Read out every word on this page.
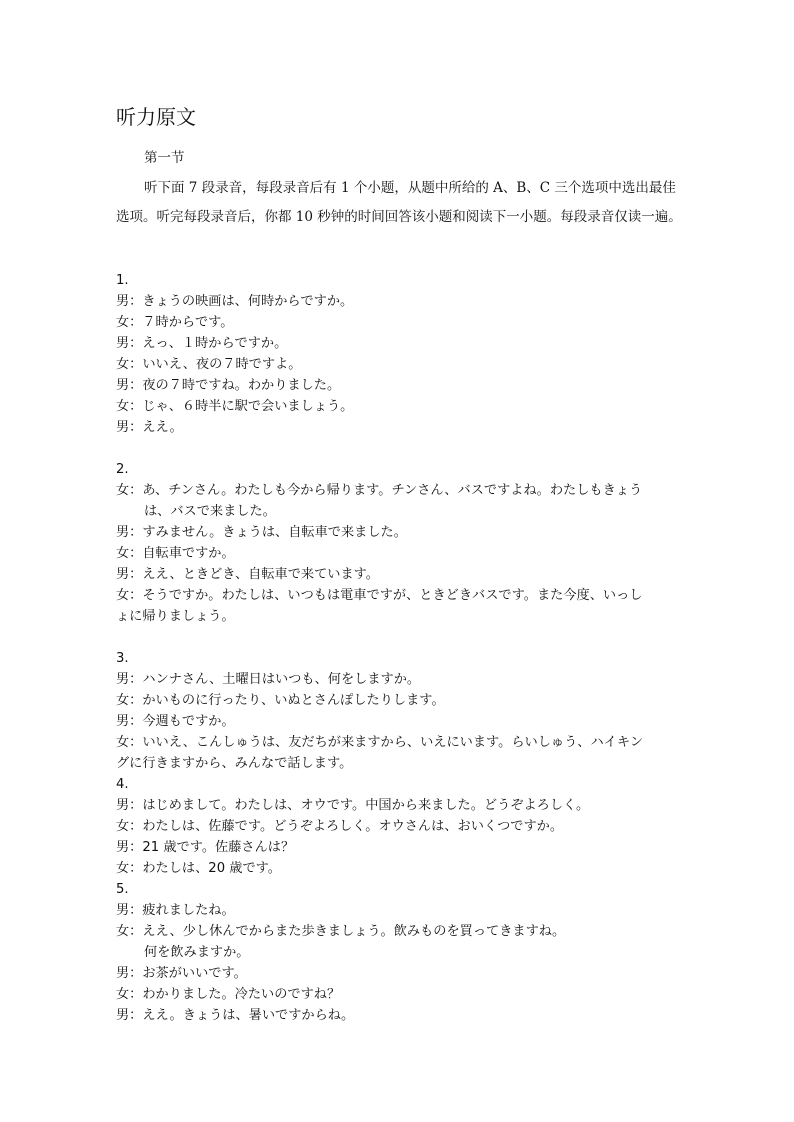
听力原文
第一节
听下面 7 段录音，每段录音后有 1 个小题，从题中所给的 A、B、C 三个选项中选出最佳选项。听完每段录音后，你都 10 秒钟的时间回答该小题和阅读下一小题。每段录音仅读一遍。
1.
男： きょうの映画は、何時からですか。
女： ７時からです。
男： えっ、１時からですか。
女： いいえ、夜の７時ですよ。
男： 夜の７時ですね。わかりました。
女： じゃ、６時半に駅で会いましょう。
男： ええ。
2.
女： あ、チンさん。わたしも今から帰ります。チンさん、バスですよね。わたしもきょう
は、バスで来ました。
男： すみません。きょうは、自転車で来ました。
女： 自転車ですか。
男： ええ、ときどき、自転車で来ています。
女： そうですか。わたしは、いつもは電車ですが、ときどきバスです。また今度、いっし
ょに帰りましょう。
3.
男： ハンナさん、土曜日はいつも、何をしますか。
女： かいものに行ったり、いぬとさんぽしたりします。
男： 今週もですか。
女： いいえ、こんしゅうは、友だちが来ますから、いえにいます。らいしゅう、ハイキン
グに行きますから、みんなで話します。
4.
男： はじめまして。わたしは、オウです。中国から来ました。どうぞよろしく。
女： わたしは、佐藤です。どうぞよろしく。オウさんは、おいくつですか。
男： 21 歳です。佐藤さんは？
女： わたしは、20 歳です。
5.
男： 疲れましたね。
女： ええ、少し休んでからまた歩きましょう。飲みものを買ってきますね。
何を飲みますか。
男： お茶がいいです。
女： わかりました。冷たいのですね？
男： ええ。きょうは、暑いですからね。
